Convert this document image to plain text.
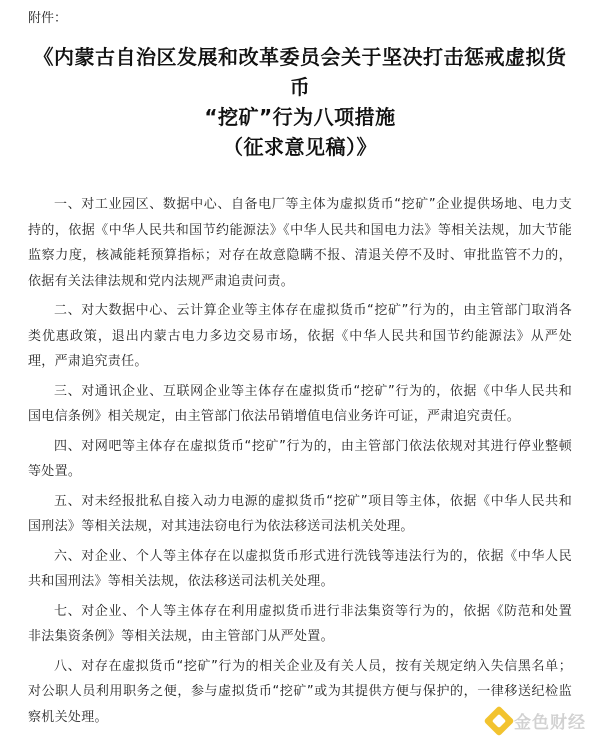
附件：
《内蒙古自治区发展和改革委员会关于坚决打击惩戒虚拟货币
“挖矿”行为八项措施
（征求意见稿）》

一、对工业园区、数据中心、自备电厂等主体为虚拟货币“挖矿”企业提供场地、电力支持的，依据《中华人民共和国节约能源法》《中华人民共和国电力法》等相关法规，加大节能监察力度，核减能耗预算指标；对存在故意隐瞒不报、清退关停不及时、审批监管不力的，依据有关法律法规和党内法规严肃追责问责。

二、对大数据中心、云计算企业等主体存在虚拟货币“挖矿”行为的，由主管部门取消各类优惠政策，退出内蒙古电力多边交易市场，依据《中华人民共和国节约能源法》从严处理，严肃追究责任。

三、对通讯企业、互联网企业等主体存在虚拟货币“挖矿”行为的，依据《中华人民共和国电信条例》相关规定，由主管部门依法吊销增值电信业务许可证，严肃追究责任。

四、对网吧等主体存在虚拟货币“挖矿”行为的，由主管部门依法依规对其进行停业整顿等处置。

五、对未经报批私自接入动力电源的虚拟货币“挖矿”项目等主体，依据《中华人民共和国刑法》等相关法规，对其违法窃电行为依法移送司法机关处理。

六、对企业、个人等主体存在以虚拟货币形式进行洗钱等违法行为的，依据《中华人民共和国刑法》等相关法规，依法移送司法机关处理。

七、对企业、个人等主体存在利用虚拟货币进行非法集资等行为的，依据《防范和处置非法集资条例》等相关法规，由主管部门从严处置。

八、对存在虚拟货币“挖矿”行为的相关企业及有关人员，按有关规定纳入失信黑名单；对公职人员利用职务之便，参与虚拟货币“挖矿”或为其提供方便与保护的，一律移送纪检监察机关处理。	金色财经
